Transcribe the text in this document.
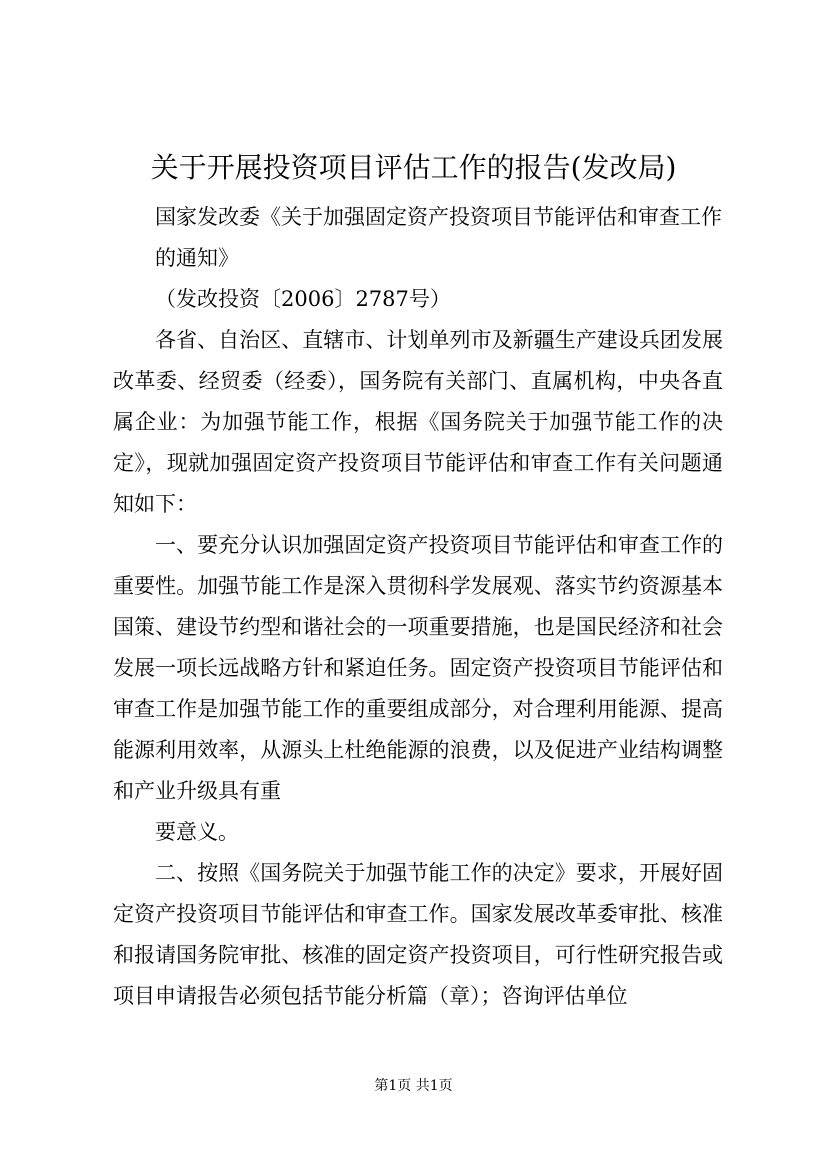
关于开展投资项目评估工作的报告(发改局)

国家发改委《关于加强固定资产投资项目节能评估和审查工作的通知》

（发改投资〔2006〕2787号）

各省、自治区、直辖市、计划单列市及新疆生产建设兵团发展改革委、经贸委（经委），国务院有关部门、直属机构，中央各直属企业：为加强节能工作，根据《国务院关于加强节能工作的决定》，现就加强固定资产投资项目节能评估和审查工作有关问题通知如下：

一、要充分认识加强固定资产投资项目节能评估和审查工作的重要性。加强节能工作是深入贯彻科学发展观、落实节约资源基本国策、建设节约型和谐社会的一项重要措施，也是国民经济和社会发展一项长远战略方针和紧迫任务。固定资产投资项目节能评估和审查工作是加强节能工作的重要组成部分，对合理利用能源、提高能源利用效率，从源头上杜绝能源的浪费，以及促进产业结构调整和产业升级具有重

要意义。

二、按照《国务院关于加强节能工作的决定》要求，开展好固定资产投资项目节能评估和审查工作。国家发展改革委审批、核准和报请国务院审批、核准的固定资产投资项目，可行性研究报告或项目申请报告必须包括节能分析篇（章）；咨询评估单位

第1页 共1页
